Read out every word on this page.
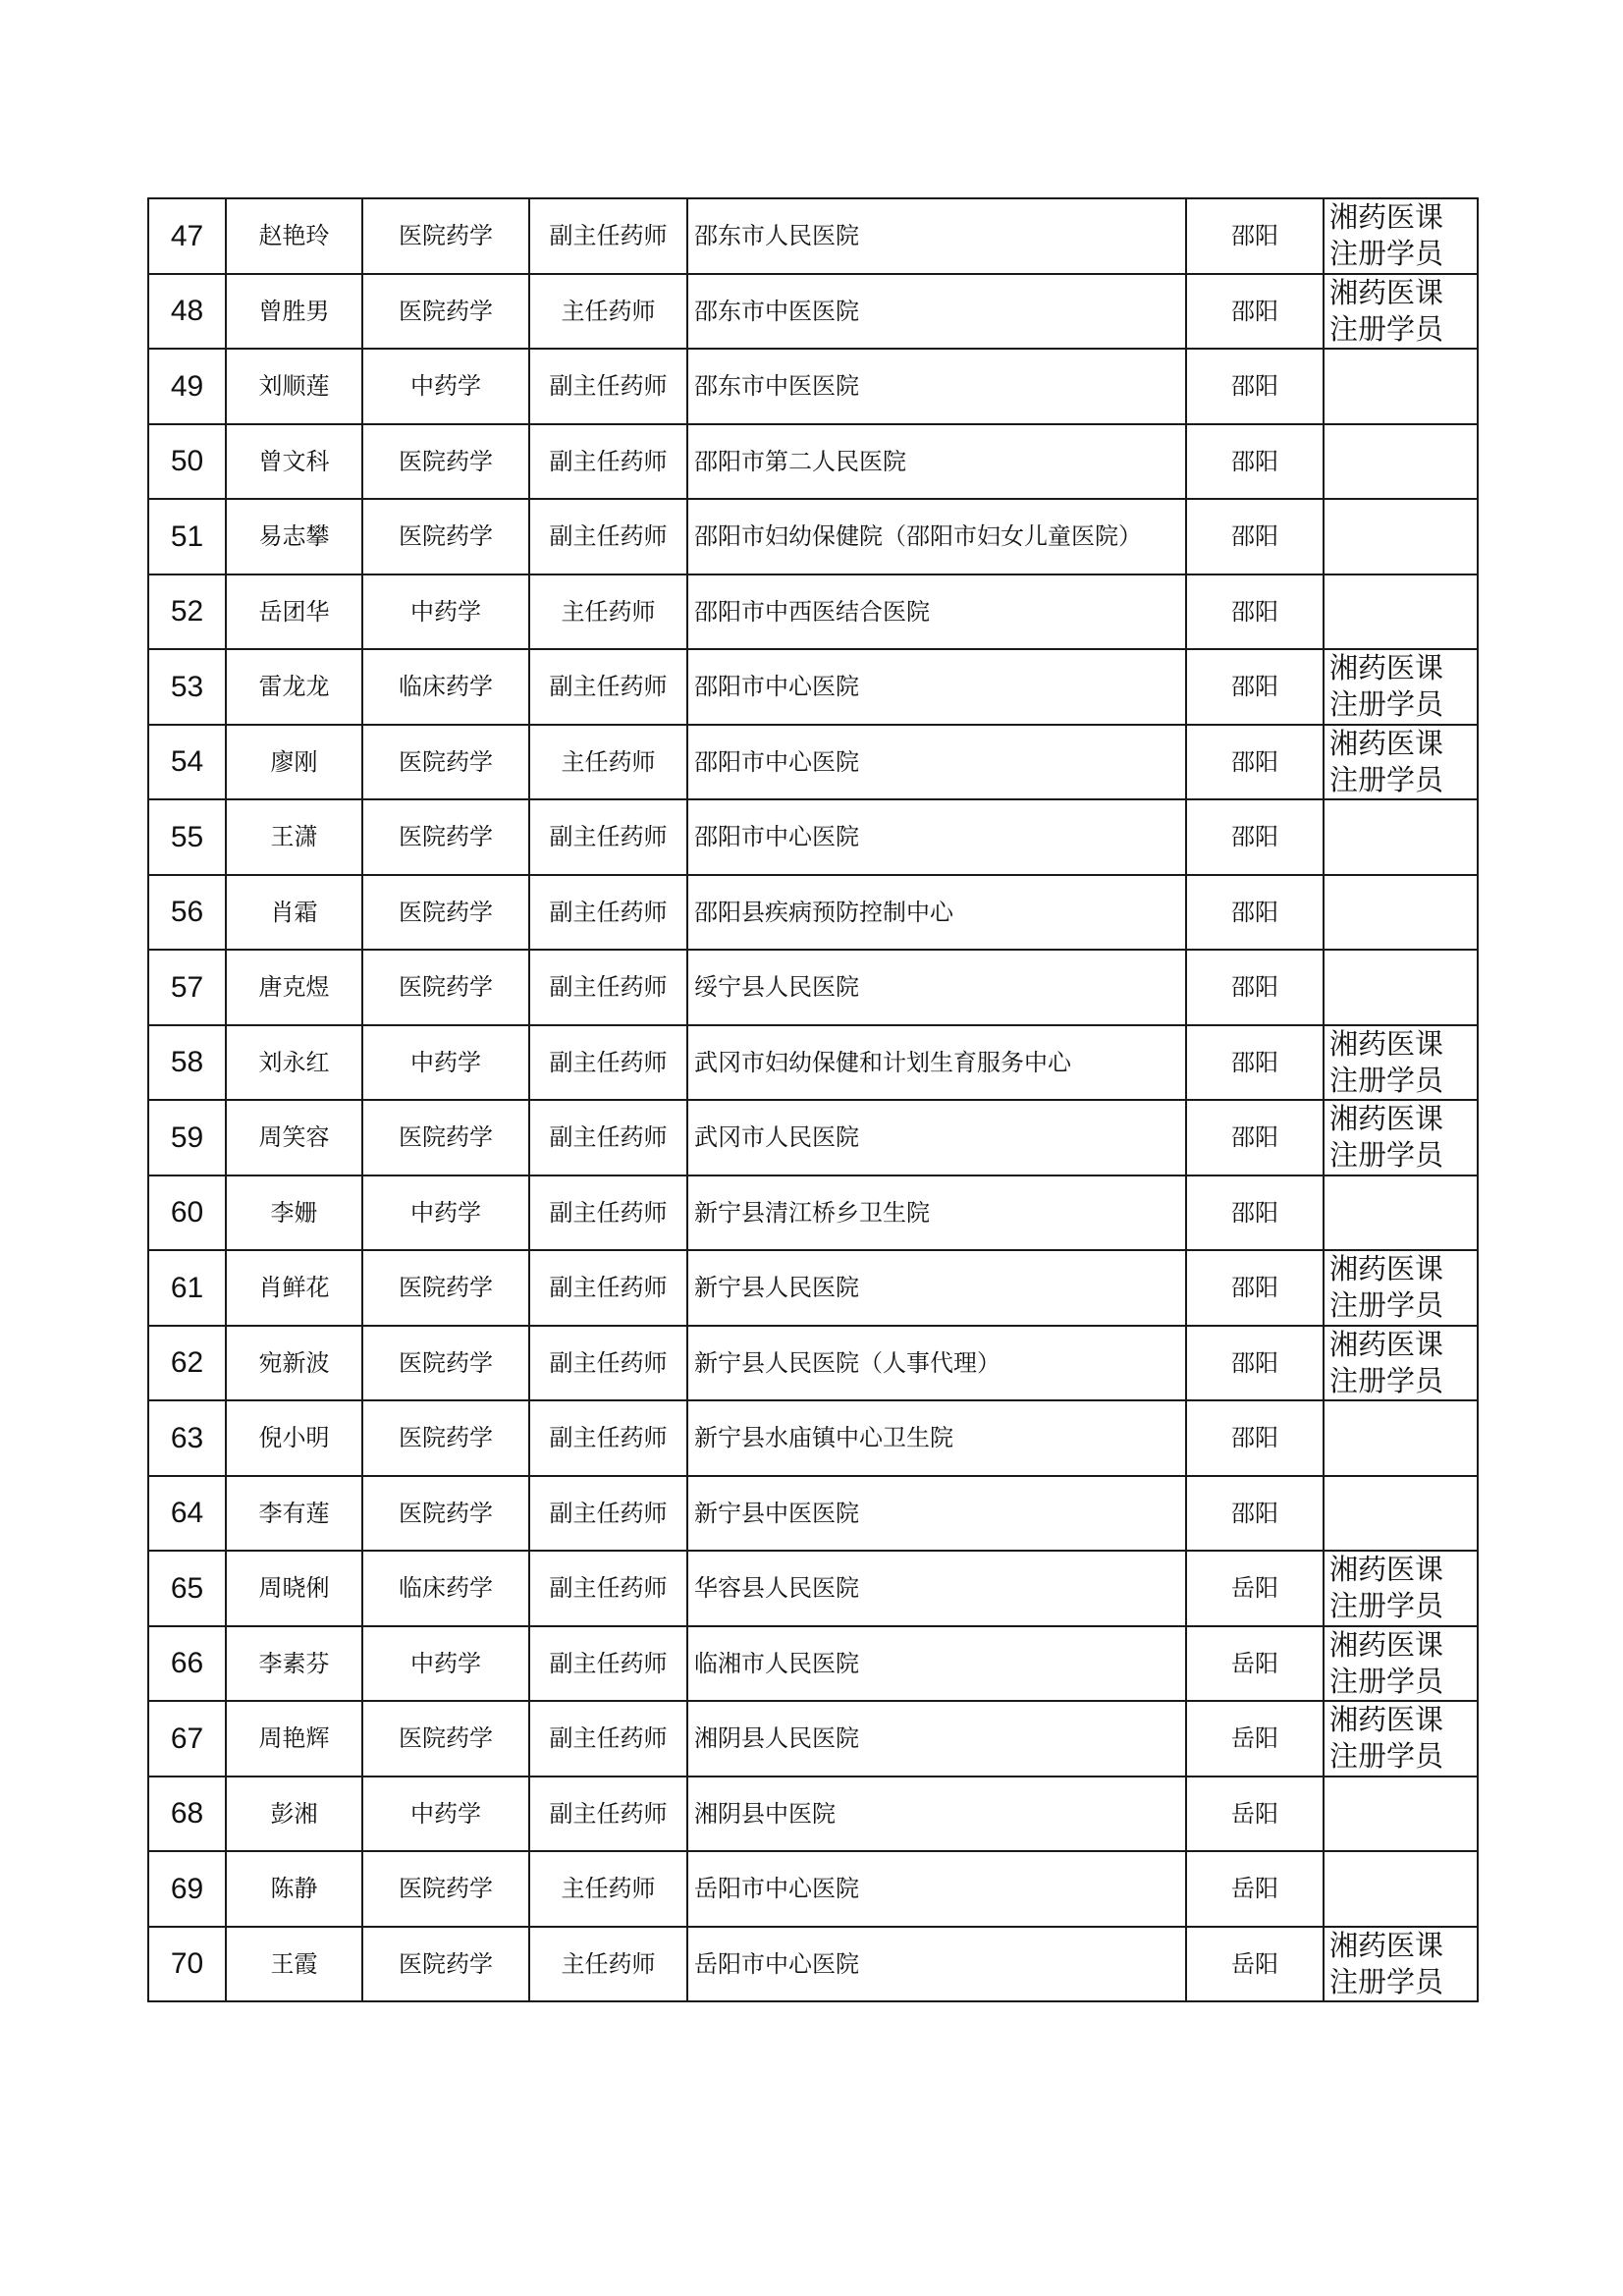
47	赵艳玲	医院药学	副主任药师	邵东市人民医院	邵阳	湘药医课
注册学员

48	曾胜男	医院药学	主任药师	邵东市中医医院	邵阳	湘药医课
注册学员

49	刘顺莲	中药学	副主任药师	邵东市中医医院	邵阳	
50	曾文科	医院药学	副主任药师	邵阳市第二人民医院	邵阳	
51	易志攀	医院药学	副主任药师	邵阳市妇幼保健院（邵阳市妇女儿童医院）	邵阳	
52	岳团华	中药学	主任药师	邵阳市中西医结合医院	邵阳	
53	雷龙龙	临床药学	副主任药师	邵阳市中心医院	邵阳	湘药医课
注册学员

54	廖刚	医院药学	主任药师	邵阳市中心医院	邵阳	湘药医课
注册学员

55	王潇	医院药学	副主任药师	邵阳市中心医院	邵阳	
56	肖霜	医院药学	副主任药师	邵阳县疾病预防控制中心	邵阳	
57	唐克煜	医院药学	副主任药师	绥宁县人民医院	邵阳	
58	刘永红	中药学	副主任药师	武冈市妇幼保健和计划生育服务中心	邵阳	湘药医课
注册学员

59	周笑容	医院药学	副主任药师	武冈市人民医院	邵阳	湘药医课
注册学员

60	李姗	中药学	副主任药师	新宁县清江桥乡卫生院	邵阳	
61	肖鲜花	医院药学	副主任药师	新宁县人民医院	邵阳	湘药医课
注册学员

62	宛新波	医院药学	副主任药师	新宁县人民医院（人事代理）	邵阳	湘药医课
注册学员

63	倪小明	医院药学	副主任药师	新宁县水庙镇中心卫生院	邵阳	
64	李有莲	医院药学	副主任药师	新宁县中医医院	邵阳	
65	周晓俐	临床药学	副主任药师	华容县人民医院	岳阳	湘药医课
注册学员

66	李素芬	中药学	副主任药师	临湘市人民医院	岳阳	湘药医课
注册学员

67	周艳辉	医院药学	副主任药师	湘阴县人民医院	岳阳	湘药医课
注册学员

68	彭湘	中药学	副主任药师	湘阴县中医院	岳阳	
69	陈静	医院药学	主任药师	岳阳市中心医院	岳阳	
70	王霞	医院药学	主任药师	岳阳市中心医院	岳阳	湘药医课
注册学员
